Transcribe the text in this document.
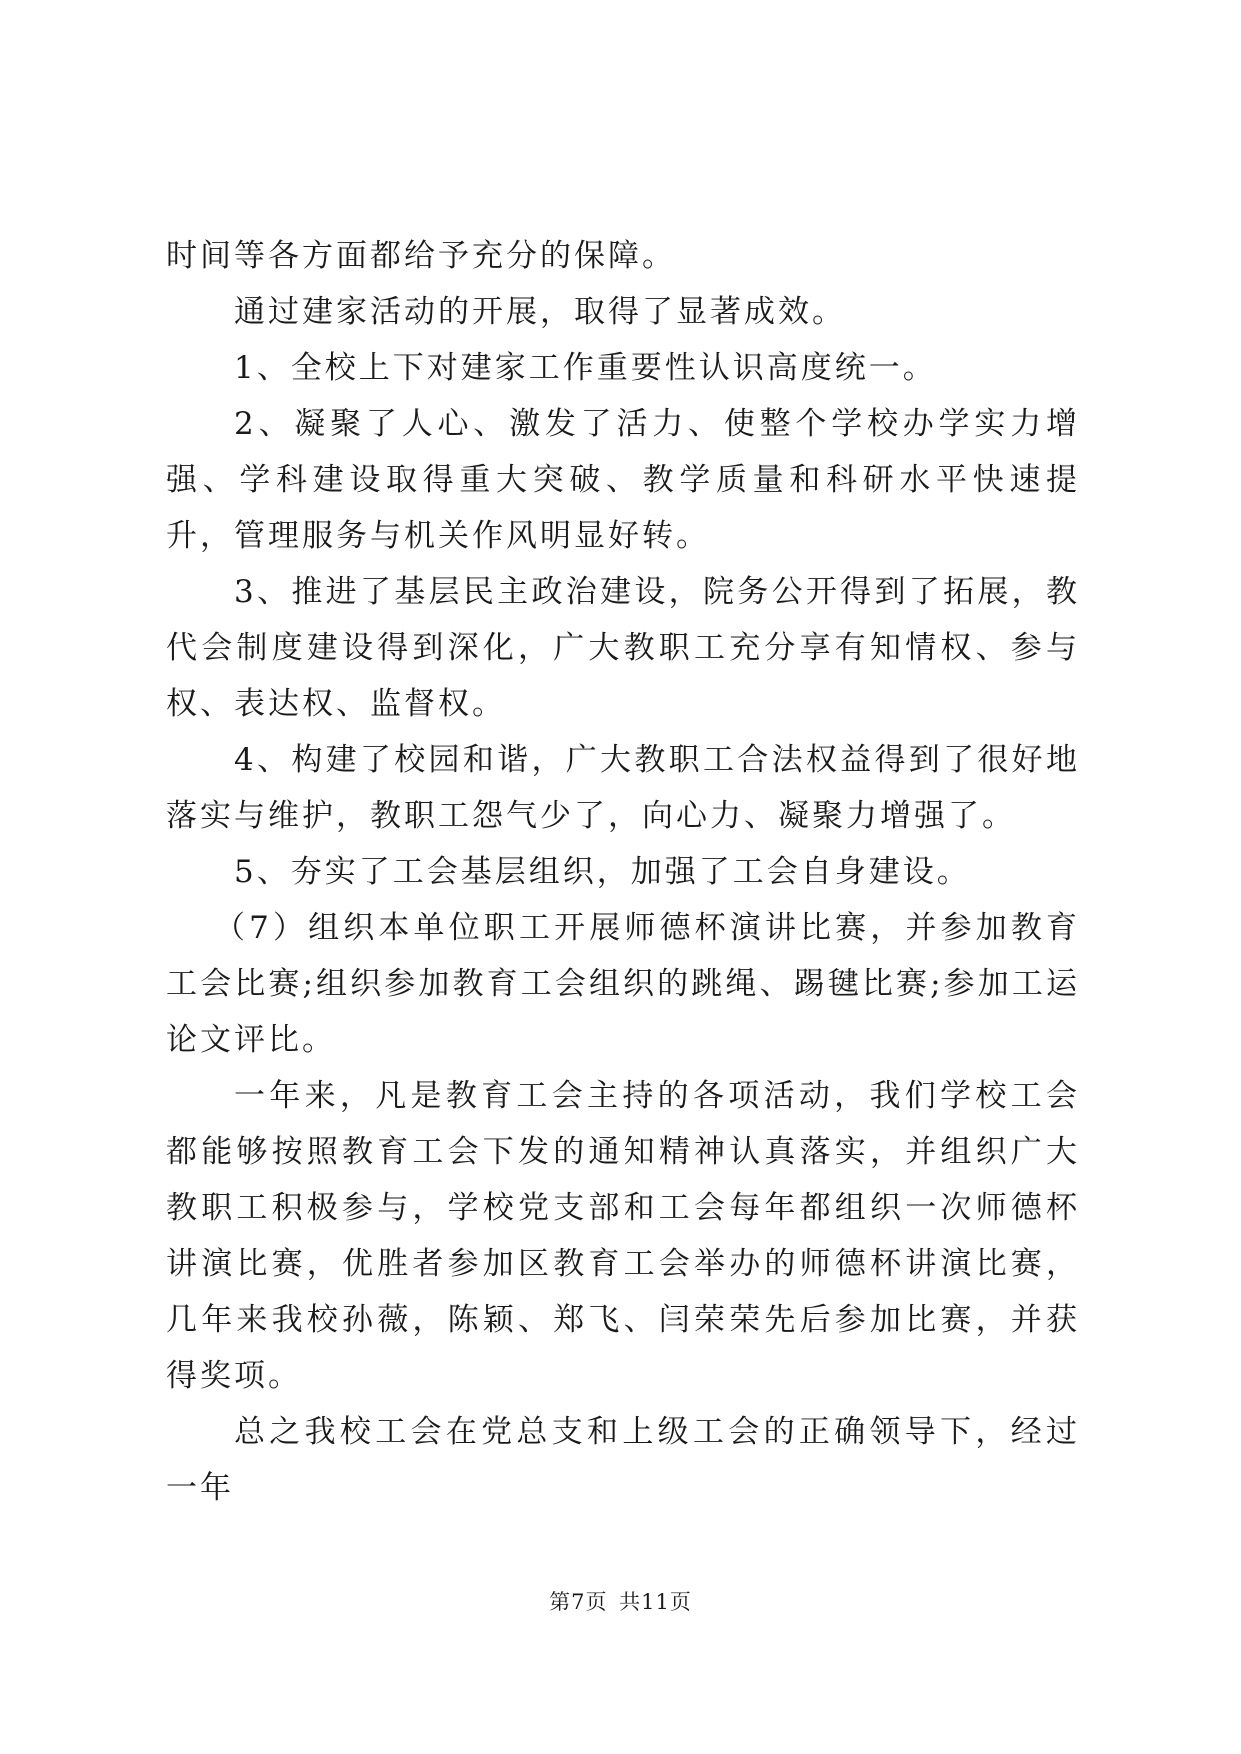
时间等各方面都给予充分的保障。

通过建家活动的开展，取得了显著成效。

1、全校上下对建家工作重要性认识高度统一。

2、凝聚了人心、激发了活力、使整个学校办学实力增强、学科建设取得重大突破、教学质量和科研水平快速提升，管理服务与机关作风明显好转。

3、推进了基层民主政治建设，院务公开得到了拓展，教代会制度建设得到深化，广大教职工充分享有知情权、参与权、表达权、监督权。

4、构建了校园和谐，广大教职工合法权益得到了很好地落实与维护，教职工怨气少了，向心力、凝聚力增强了。

5、夯实了工会基层组织，加强了工会自身建设。

（7）组织本单位职工开展师德杯演讲比赛，并参加教育工会比赛;组织参加教育工会组织的跳绳、踢毽比赛;参加工运论文评比。

一年来，凡是教育工会主持的各项活动，我们学校工会都能够按照教育工会下发的通知精神认真落实，并组织广大教职工积极参与，学校党支部和工会每年都组织一次师德杯讲演比赛，优胜者参加区教育工会举办的师德杯讲演比赛，几年来我校孙薇，陈颖、郑飞、闫荣荣先后参加比赛，并获得奖项。

总之我校工会在党总支和上级工会的正确领导下，经过一年

第7页 共11页
